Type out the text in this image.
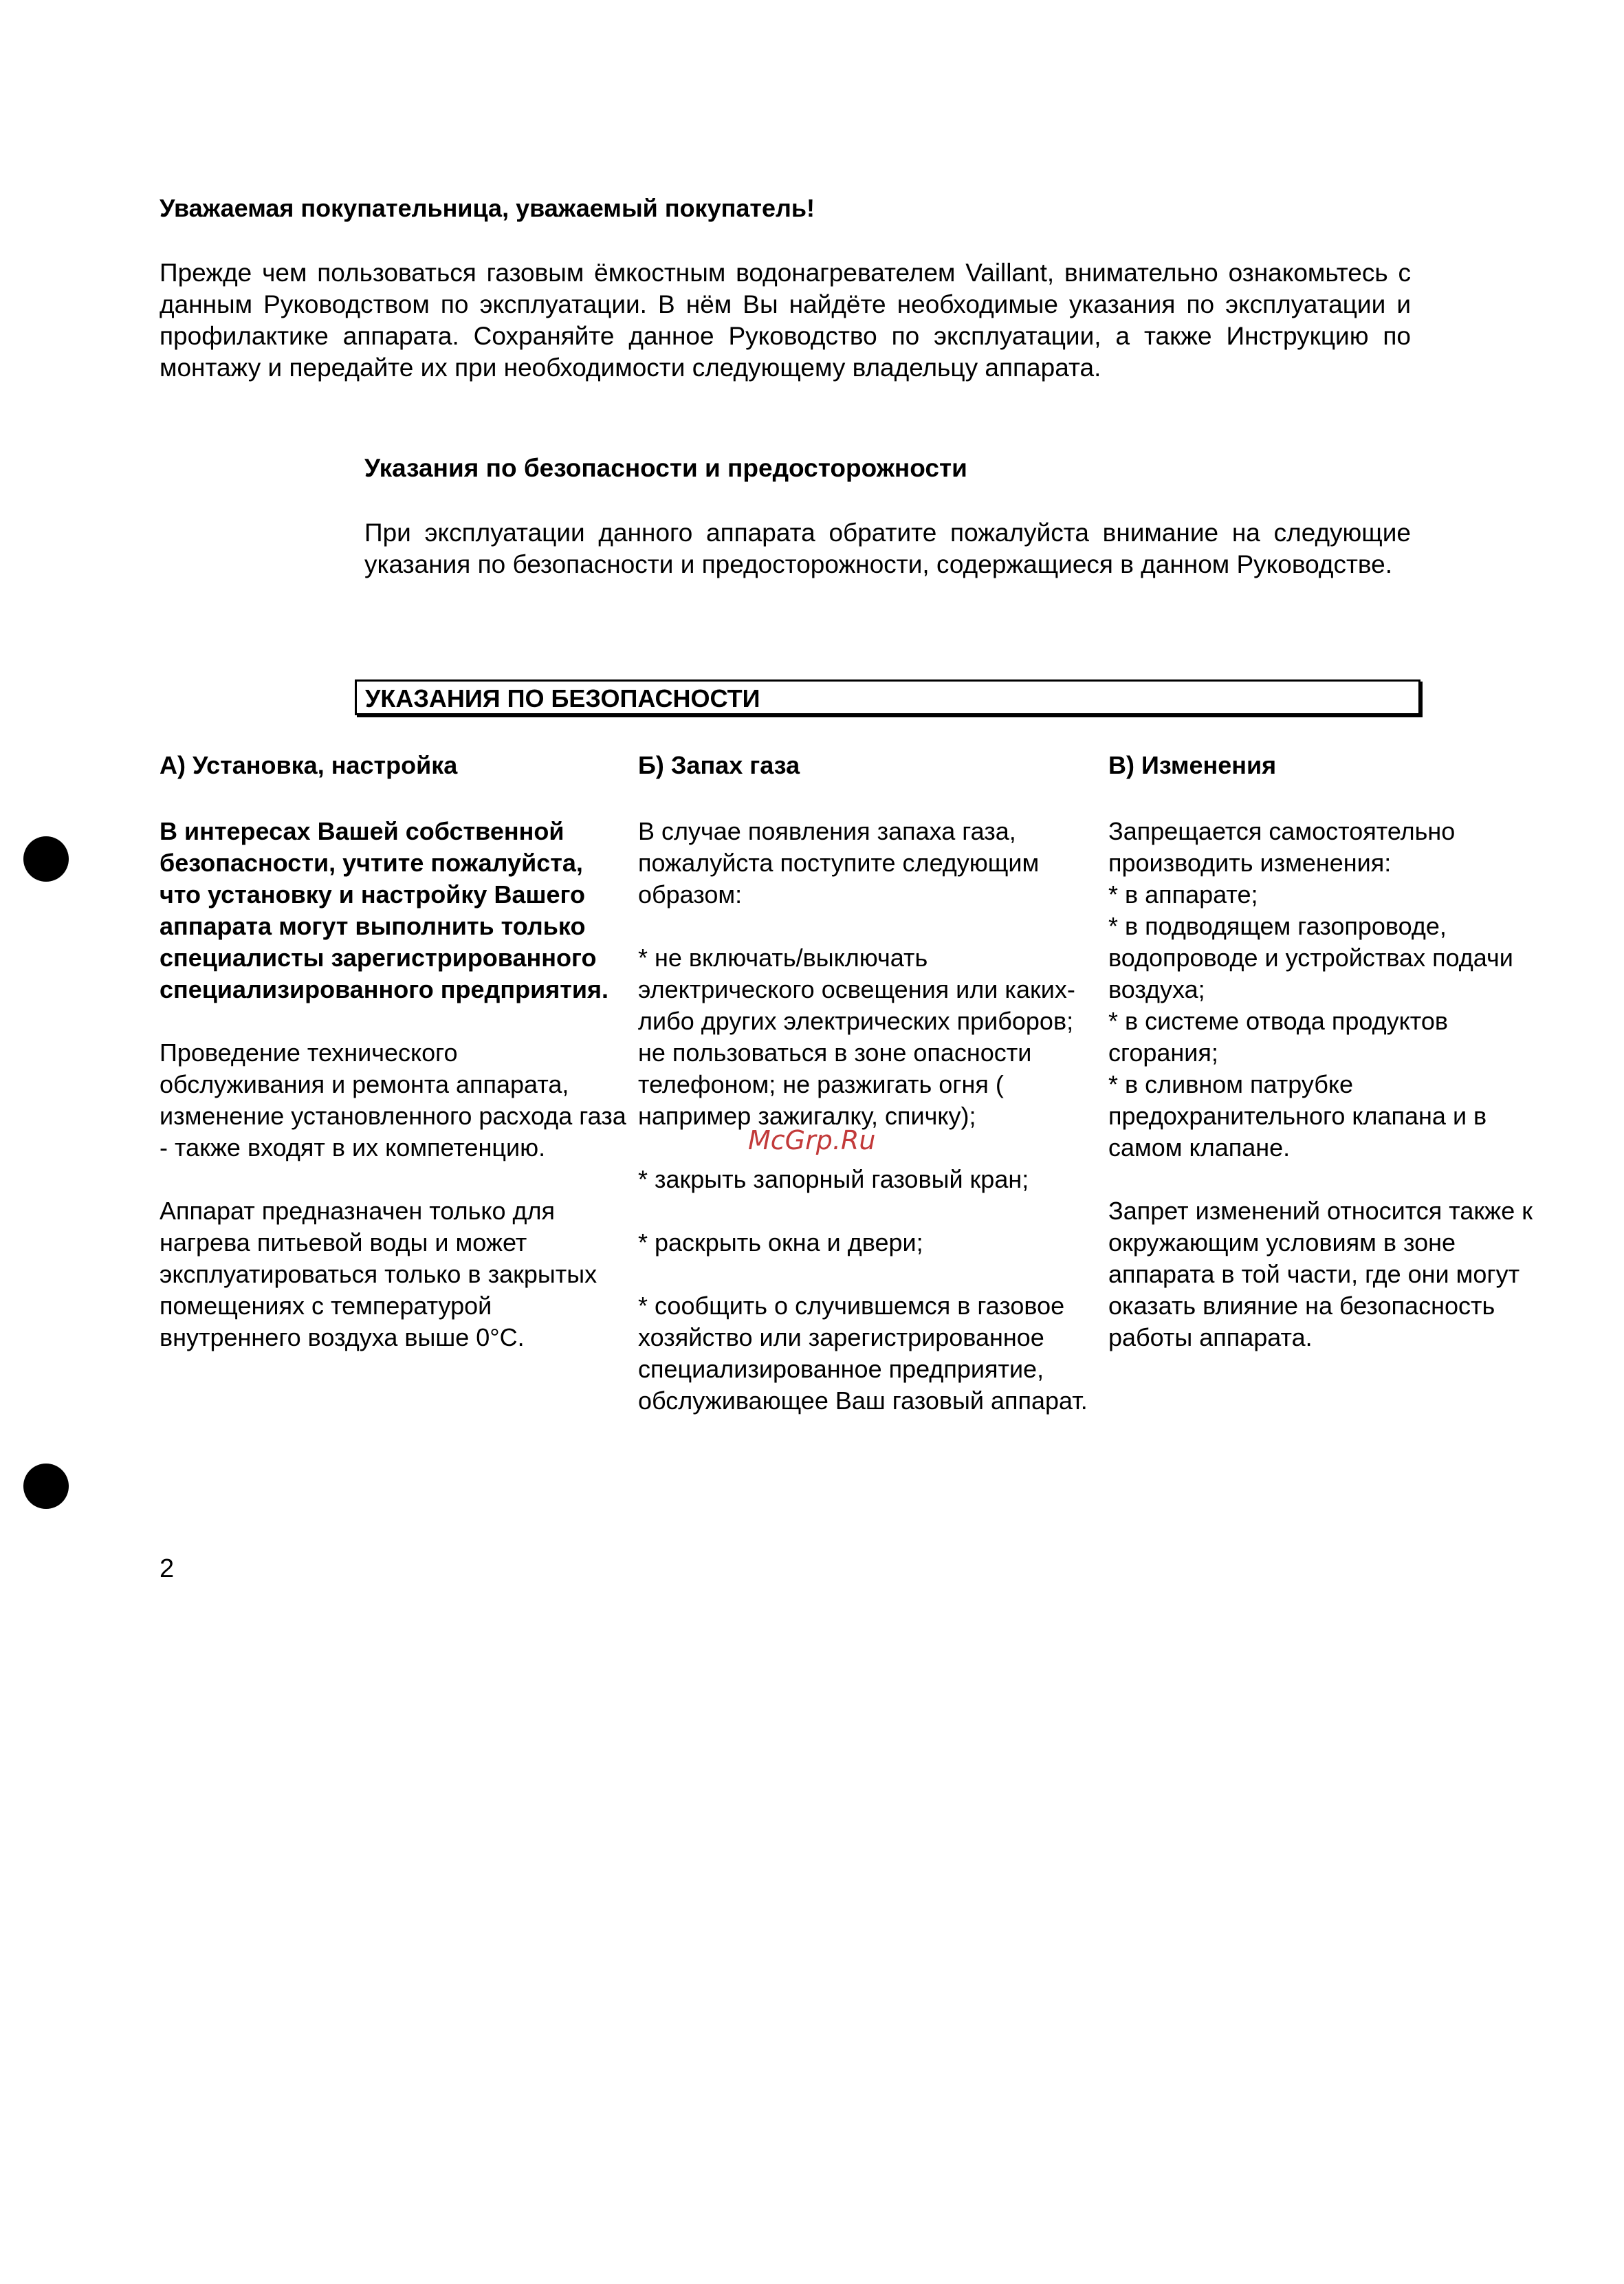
Уважаемая покупательница, уважаемый покупатель!

Прежде чем пользоваться газовым ёмкостным водонагревателем Vaillant, внимательно ознакомьтесь с данным Руководством по эксплуатации. В нём Вы найдёте необходимые указания по эксплуатации и профилактике аппарата. Сохраняйте данное Руководство по эксплуатации, а также Инструкцию по монтажу и передайте их при необходимости следующему владельцу аппарата.

Указания по безопасности и предосторожности

При эксплуатации данного аппарата обратите пожалуйста внимание на следующие указания по безопасности и предосторожности, содержащиеся в данном Руководстве.

УКАЗАНИЯ ПО БЕЗОПАСНОСТИ
А) Установка, настройка

В интересах Вашей собственной безопасности, учтите пожалуйста, что установку и настройку Вашего аппарата могут выполнить только специалисты зарегистрированного специализированного предприятия.

Проведение технического обслуживания и ремонта аппарата, изменение установленного расхода газа - также входят в их компетенцию.

Аппарат предназначен только для нагрева питьевой воды и может эксплуатироваться только в закрытых помещениях с температурой внутреннего воздуха выше 0°С.

Б) Запах газа

В случае появления запаха газа, пожалуйста поступите следующим образом:

* не включать/выключать электрического освещения или каких-либо других электрических приборов; не пользоваться в зоне опасности телефоном; не разжигать огня ( например зажигалку, спичку);

* закрыть запорный газовый кран;

* раскрыть окна и двери;

* сообщить о случившемся в газовое хозяйство или зарегистрированное специализированное предприятие, обслуживающее Ваш газовый аппарат.

В) Изменения

Запрещается самостоятельно производить изменения:

* в аппарате;

* в подводящем газопроводе, водопроводе и устройствах подачи воздуха;

* в системе отвода продуктов сгорания;

* в сливном патрубке предохранительного клапана и в самом клапане.

Запрет изменений относится также к окружающим условиям в зоне аппарата в той части, где они могут оказать влияние на безопасность работы аппарата.

McGrp.Ru
2
